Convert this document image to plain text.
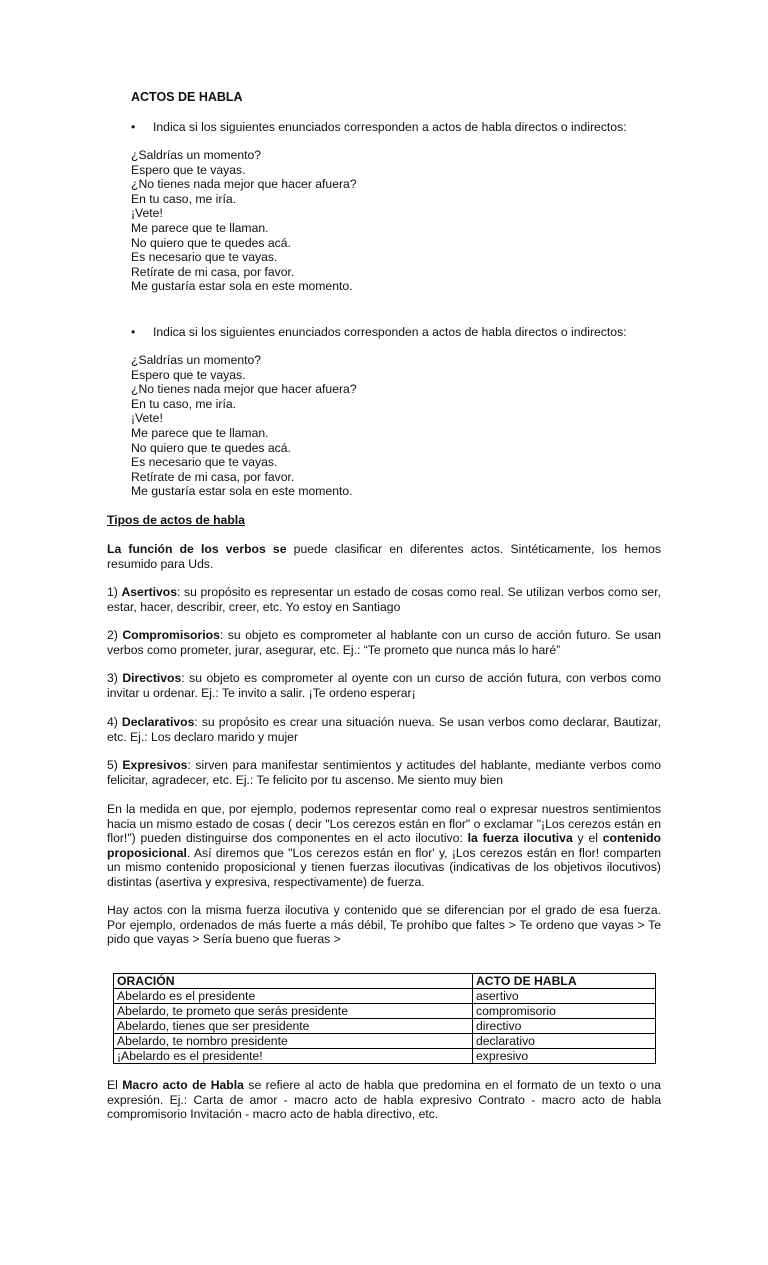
ACTOS DE HABLA
• Indica si los siguientes enunciados corresponden a actos de habla directos o indirectos:
¿Saldrías un momento?
Espero que te vayas.
¿No tienes nada mejor que hacer afuera?
En tu caso, me iría.
¡Vete!
Me parece que te llaman.
No quiero que te quedes acá.
Es necesario que te vayas.
Retírate de mi casa, por favor.
Me gustaría estar sola en este momento.
• Indica si los siguientes enunciados corresponden a actos de habla directos o indirectos:
¿Saldrías un momento?
Espero que te vayas.
¿No tienes nada mejor que hacer afuera?
En tu caso, me iría.
¡Vete!
Me parece que te llaman.
No quiero que te quedes acá.
Es necesario que te vayas.
Retírate de mi casa, por favor.
Me gustaría estar sola en este momento.
Tipos de actos de habla
La función de los verbos se puede clasificar en diferentes actos. Sintéticamente, los hemos resumido para Uds.
1) Asertivos: su propósito es representar un estado de cosas como real. Se utilizan verbos como ser, estar, hacer, describir, creer, etc. Yo estoy en Santiago
2) Compromisorios: su objeto es comprometer al hablante con un curso de acción futuro. Se usan verbos como prometer, jurar, asegurar, etc. Ej.: “Te prometo que nunca más lo haré”
3) Directivos: su objeto es comprometer al oyente con un curso de acción futura, con verbos como invitar u ordenar. Ej.: Te invito a salir. ¡Te ordeno esperar¡
4) Declarativos: su propósito es crear una situación nueva. Se usan verbos como declarar, Bautizar, etc. Ej.: Los declaro marido y mujer
5) Expresivos: sirven para manifestar sentimientos y actitudes del hablante, mediante verbos como felicitar, agradecer, etc. Ej.: Te felicito por tu ascenso. Me siento muy bien
En la medida en que, por ejemplo, podemos representar como real o expresar nuestros sentimientos hacia un mismo estado de cosas ( decir "Los cerezos están en flor" o exclamar "¡Los cerezos están en flor!") pueden distinguirse dos componentes en el acto ilocutivo: la fuerza ilocutiva y el contenido proposicional. Así diremos que "Los cerezos están en flor' y, ¡Los cerezos están en flor! comparten un mismo contenido proposicional y tienen fuerzas ilocutivas (indicativas de los objetivos ilocutivos) distintas (asertiva y expresiva, respectivamente) de fuerza.
Hay actos con la misma fuerza ilocutiva y contenido que se diferencian por el grado de esa fuerza. Por ejemplo, ordenados de más fuerte a más débil, Te prohíbo que faltes > Te ordeno que vayas > Te pido que vayas > Sería bueno que fueras >
ORACIÓN	ACTO DE HABLA
Abelardo es el presidente	asertivo
Abelardo, te prometo que serás presidente	compromisorio
Abelardo, tienes que ser presidente	directivo
Abelardo, te nombro presidente	declarativo
¡Abelardo es el presidente!	expresivo
El Macro acto de Habla se refiere al acto de habla que predomina en el formato de un texto o una expresión. Ej.: Carta de amor - macro acto de habla expresivo Contrato - macro acto de habla compromisorio Invitación - macro acto de habla directivo, etc.
